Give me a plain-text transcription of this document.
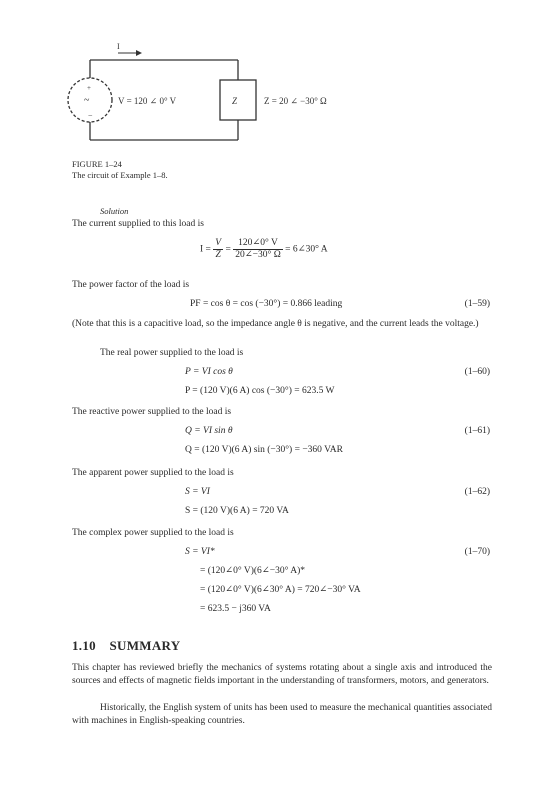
I
~
+
−
Z
V = 120 ∠ 0° V	Z = 20 ∠ −30° Ω
FIGURE 1–24
The circuit of Example 1–8.
Solution
The current supplied to this load is
$I = \frac{V}{Z} = \frac{120\angle 0^\circ V}{20\angle-30^\circ \Omega}$ = 6∠30° A
The power factor of the load is
PF = cos θ = cos (−30°) = 0.866 leading	(1–59)
(Note that this is a capacitive load, so the impedance angle θ is negative, and the current leads the voltage.)
The real power supplied to the load is
P = VI cos θ	(1–60)
P = (120 V)(6 A) cos (−30°) = 623.5 W
The reactive power supplied to the load is
Q = VI sin θ	(1–61)
Q = (120 V)(6 A) sin (−30°) = −360 VAR
The apparent power supplied to the load is
S = VI	(1–62)
S = (120 V)(6 A) = 720 VA
The complex power supplied to the load is
S = VI*	(1–70)
= (120∠0° V)(6∠−30° A)*
= (120∠0° V)(6∠30° A) = 720∠−30° VA
= 623.5 − j360 VA
1.10 SUMMARY
This chapter has reviewed briefly the mechanics of systems rotating about a single axis and introduced the sources and effects of magnetic fields important in the understanding of transformers, motors, and generators.
Historically, the English system of units has been used to measure the mechanical quantities associated with machines in English-speaking countries.
